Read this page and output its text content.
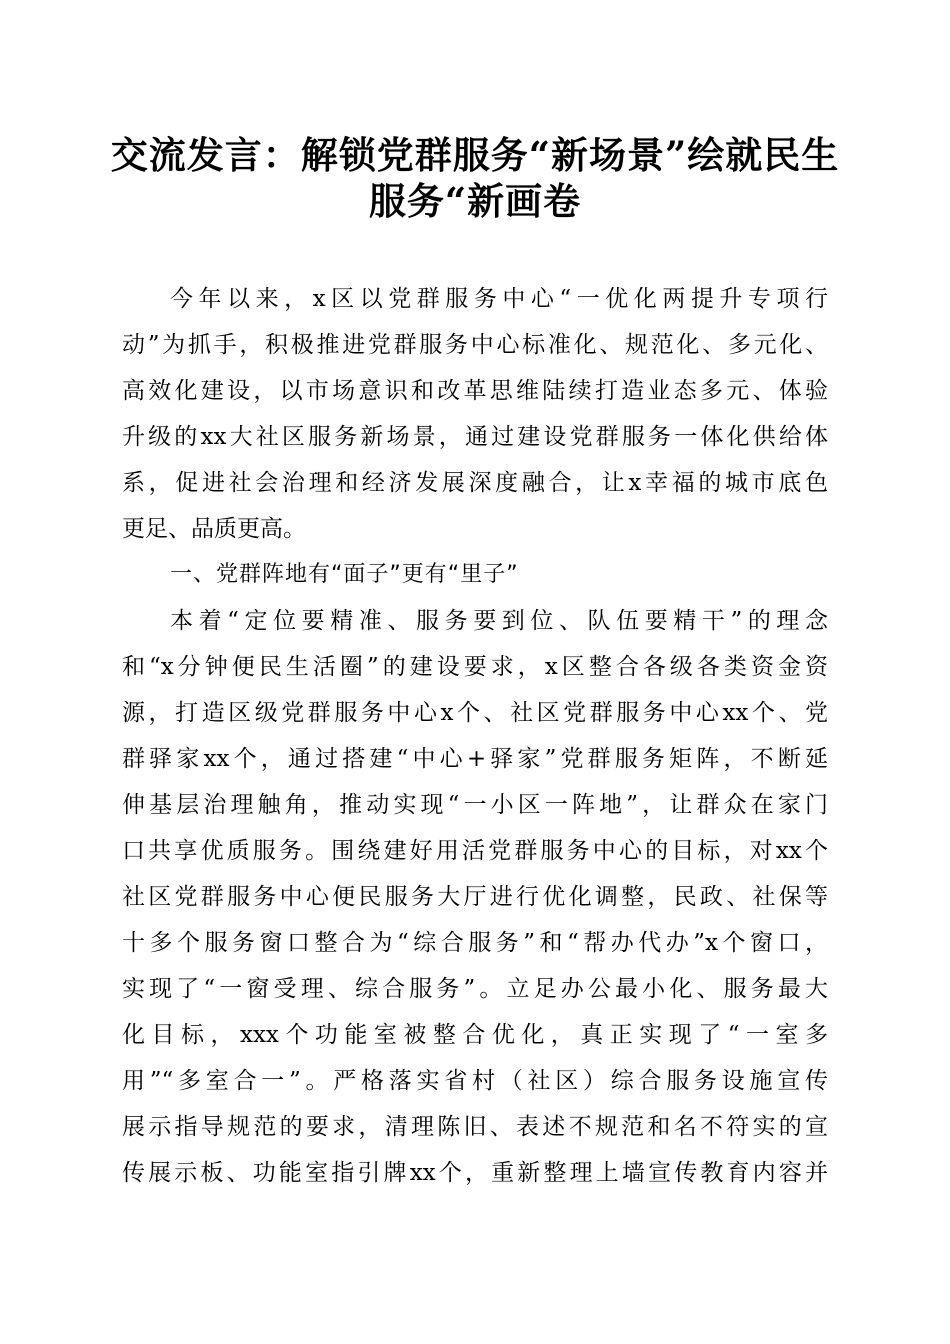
交流发言：解锁党群服务“新场景”绘就民生
服务“新画卷
今年以来，x区以党群服务中心“一优化两提升专项行
动”为抓手，积极推进党群服务中心标准化、规范化、多元化、
高效化建设，以市场意识和改革思维陆续打造业态多元、体验
升级的xx大社区服务新场景，通过建设党群服务一体化供给体
系，促进社会治理和经济发展深度融合，让x幸福的城市底色
更足、品质更高。
一、党群阵地有“面子”更有“里子”
本着“定位要精准、服务要到位、队伍要精干”的理念
和“x分钟便民生活圈”的建设要求，x区整合各级各类资金资
源，打造区级党群服务中心x个、社区党群服务中心xx个、党
群驿家xx个，通过搭建“中心+驿家”党群服务矩阵，不断延
伸基层治理触角，推动实现“一小区一阵地”，让群众在家门
口共享优质服务。围绕建好用活党群服务中心的目标，对xx个
社区党群服务中心便民服务大厅进行优化调整，民政、社保等
十多个服务窗口整合为“综合服务”和“帮办代办”x个窗口，
实现了“一窗受理、综合服务”。立足办公最小化、服务最大
化目标，xxx个功能室被整合优化，真正实现了“一室多
用”“多室合一”。严格落实省村（社区）综合服务设施宣传
展示指导规范的要求，清理陈旧、表述不规范和名不符实的宣
传展示板、功能室指引牌xx个，重新整理上墙宣传教育内容并
